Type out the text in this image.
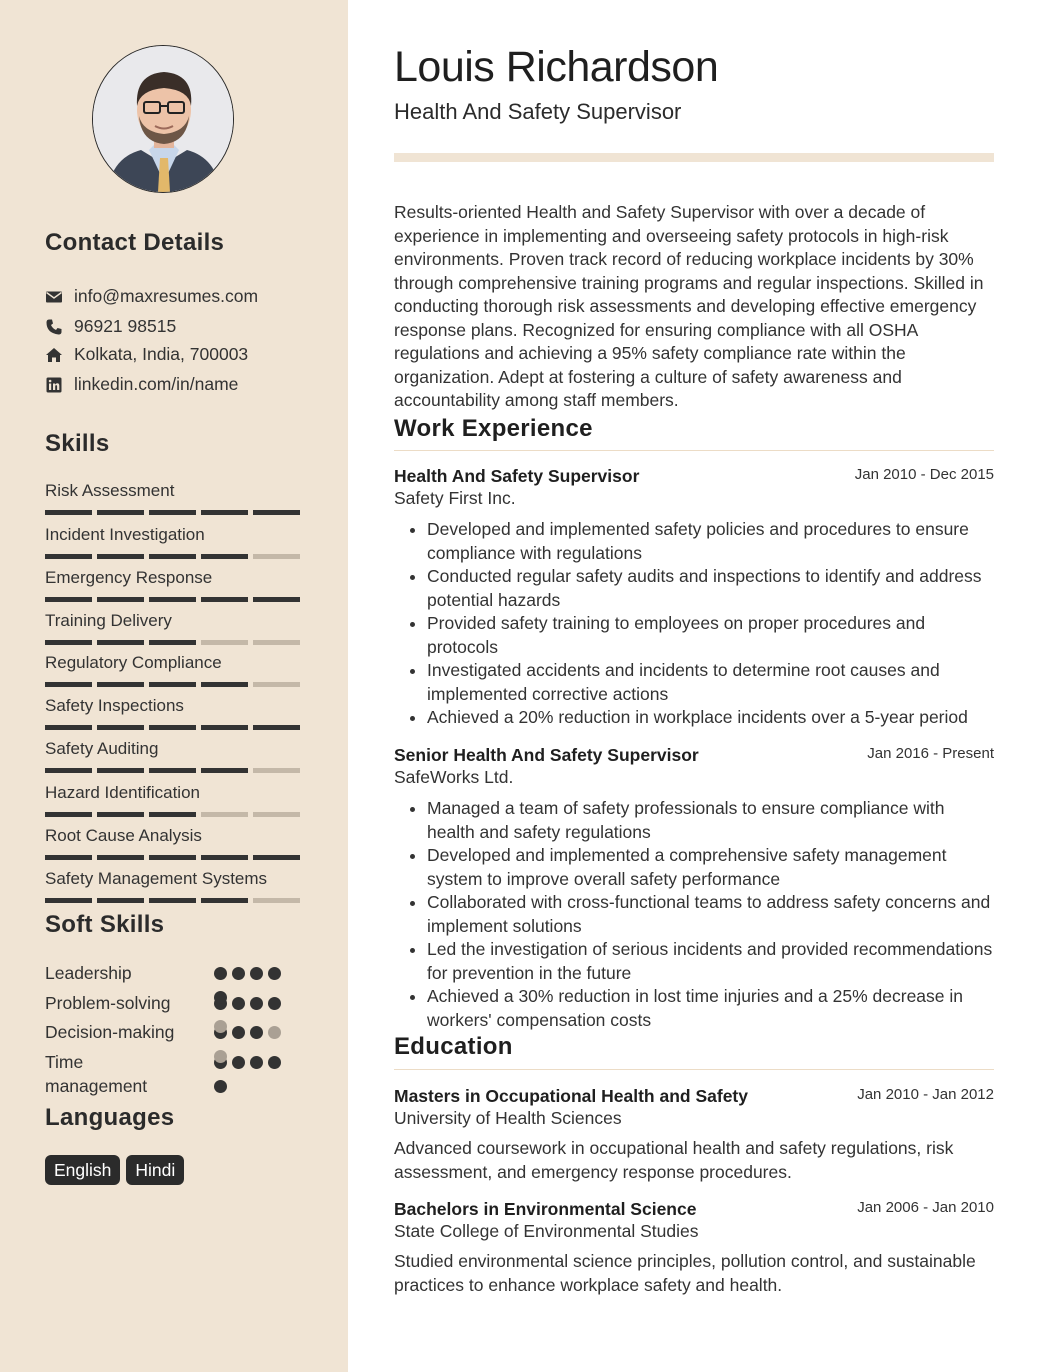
Contact Details
info@maxresumes.com
96921 98515
Kolkata, India, 700003
linkedin.com/in/name
Skills
Risk Assessment
Incident Investigation
Emergency Response
Training Delivery
Regulatory Compliance
Safety Inspections
Safety Auditing
Hazard Identification
Root Cause Analysis
Safety Management Systems
Soft Skills
Leadership
Problem-solving
Decision-making
Time management
Languages
English	Hindi
Louis Richardson
Health And Safety Supervisor

Results-oriented Health and Safety Supervisor with over a decade of experience in implementing and overseeing safety protocols in high-risk environments. Proven track record of reducing workplace incidents by 30% through comprehensive training programs and regular inspections. Skilled in conducting thorough risk assessments and developing effective emergency response plans. Recognized for ensuring compliance with all OSHA regulations and achieving a 95% safety compliance rate within the organization. Adept at fostering a culture of safety awareness and accountability among staff members.

Work Experience
Health And Safety Supervisor	Jan 2010 - Dec 2015
Safety First Inc.
• Developed and implemented safety policies and procedures to ensure compliance with regulations
• Conducted regular safety audits and inspections to identify and address potential hazards
• Provided safety training to employees on proper procedures and protocols
• Investigated accidents and incidents to determine root causes and implemented corrective actions
• Achieved a 20% reduction in workplace incidents over a 5-year period
Senior Health And Safety Supervisor	Jan 2016 - Present
SafeWorks Ltd.
• Managed a team of safety professionals to ensure compliance with health and safety regulations
• Developed and implemented a comprehensive safety management system to improve overall safety performance
• Collaborated with cross-functional teams to address safety concerns and implement solutions
• Led the investigation of serious incidents and provided recommendations for prevention in the future
• Achieved a 30% reduction in lost time injuries and a 25% decrease in workers' compensation costs
Education
Masters in Occupational Health and Safety	Jan 2010 - Jan 2012
University of Health Sciences

Advanced coursework in occupational health and safety regulations, risk assessment, and emergency response procedures.

Bachelors in Environmental Science	Jan 2006 - Jan 2010
State College of Environmental Studies

Studied environmental science principles, pollution control, and sustainable practices to enhance workplace safety and health.
